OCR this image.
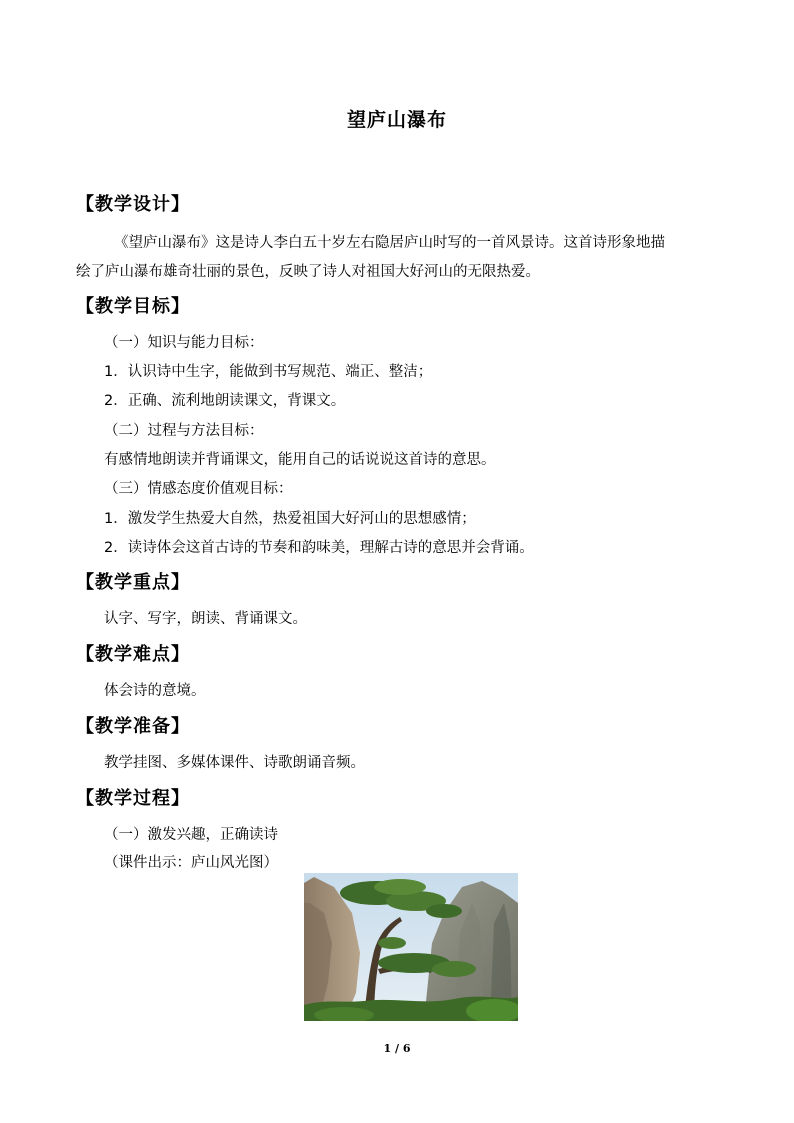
望庐山瀑布
【教学设计】
《望庐山瀑布》这是诗人李白五十岁左右隐居庐山时写的一首风景诗。这首诗形象地描
绘了庐山瀑布雄奇壮丽的景色，反映了诗人对祖国大好河山的无限热爱。
【教学目标】
（一）知识与能力目标：
1．认识诗中生字，能做到书写规范、端正、整洁；
2．正确、流利地朗读课文，背课文。
（二）过程与方法目标：
有感情地朗读并背诵课文，能用自己的话说说这首诗的意思。
（三）情感态度价值观目标：
1．激发学生热爱大自然，热爱祖国大好河山的思想感情；
2．读诗体会这首古诗的节奏和韵味美，理解古诗的意思并会背诵。
【教学重点】
认字、写字，朗读、背诵课文。
【教学难点】
体会诗的意境。
【教学准备】
教学挂图、多媒体课件、诗歌朗诵音频。
【教学过程】
（一）激发兴趣，正确读诗
（课件出示：庐山风光图）
1 / 6
